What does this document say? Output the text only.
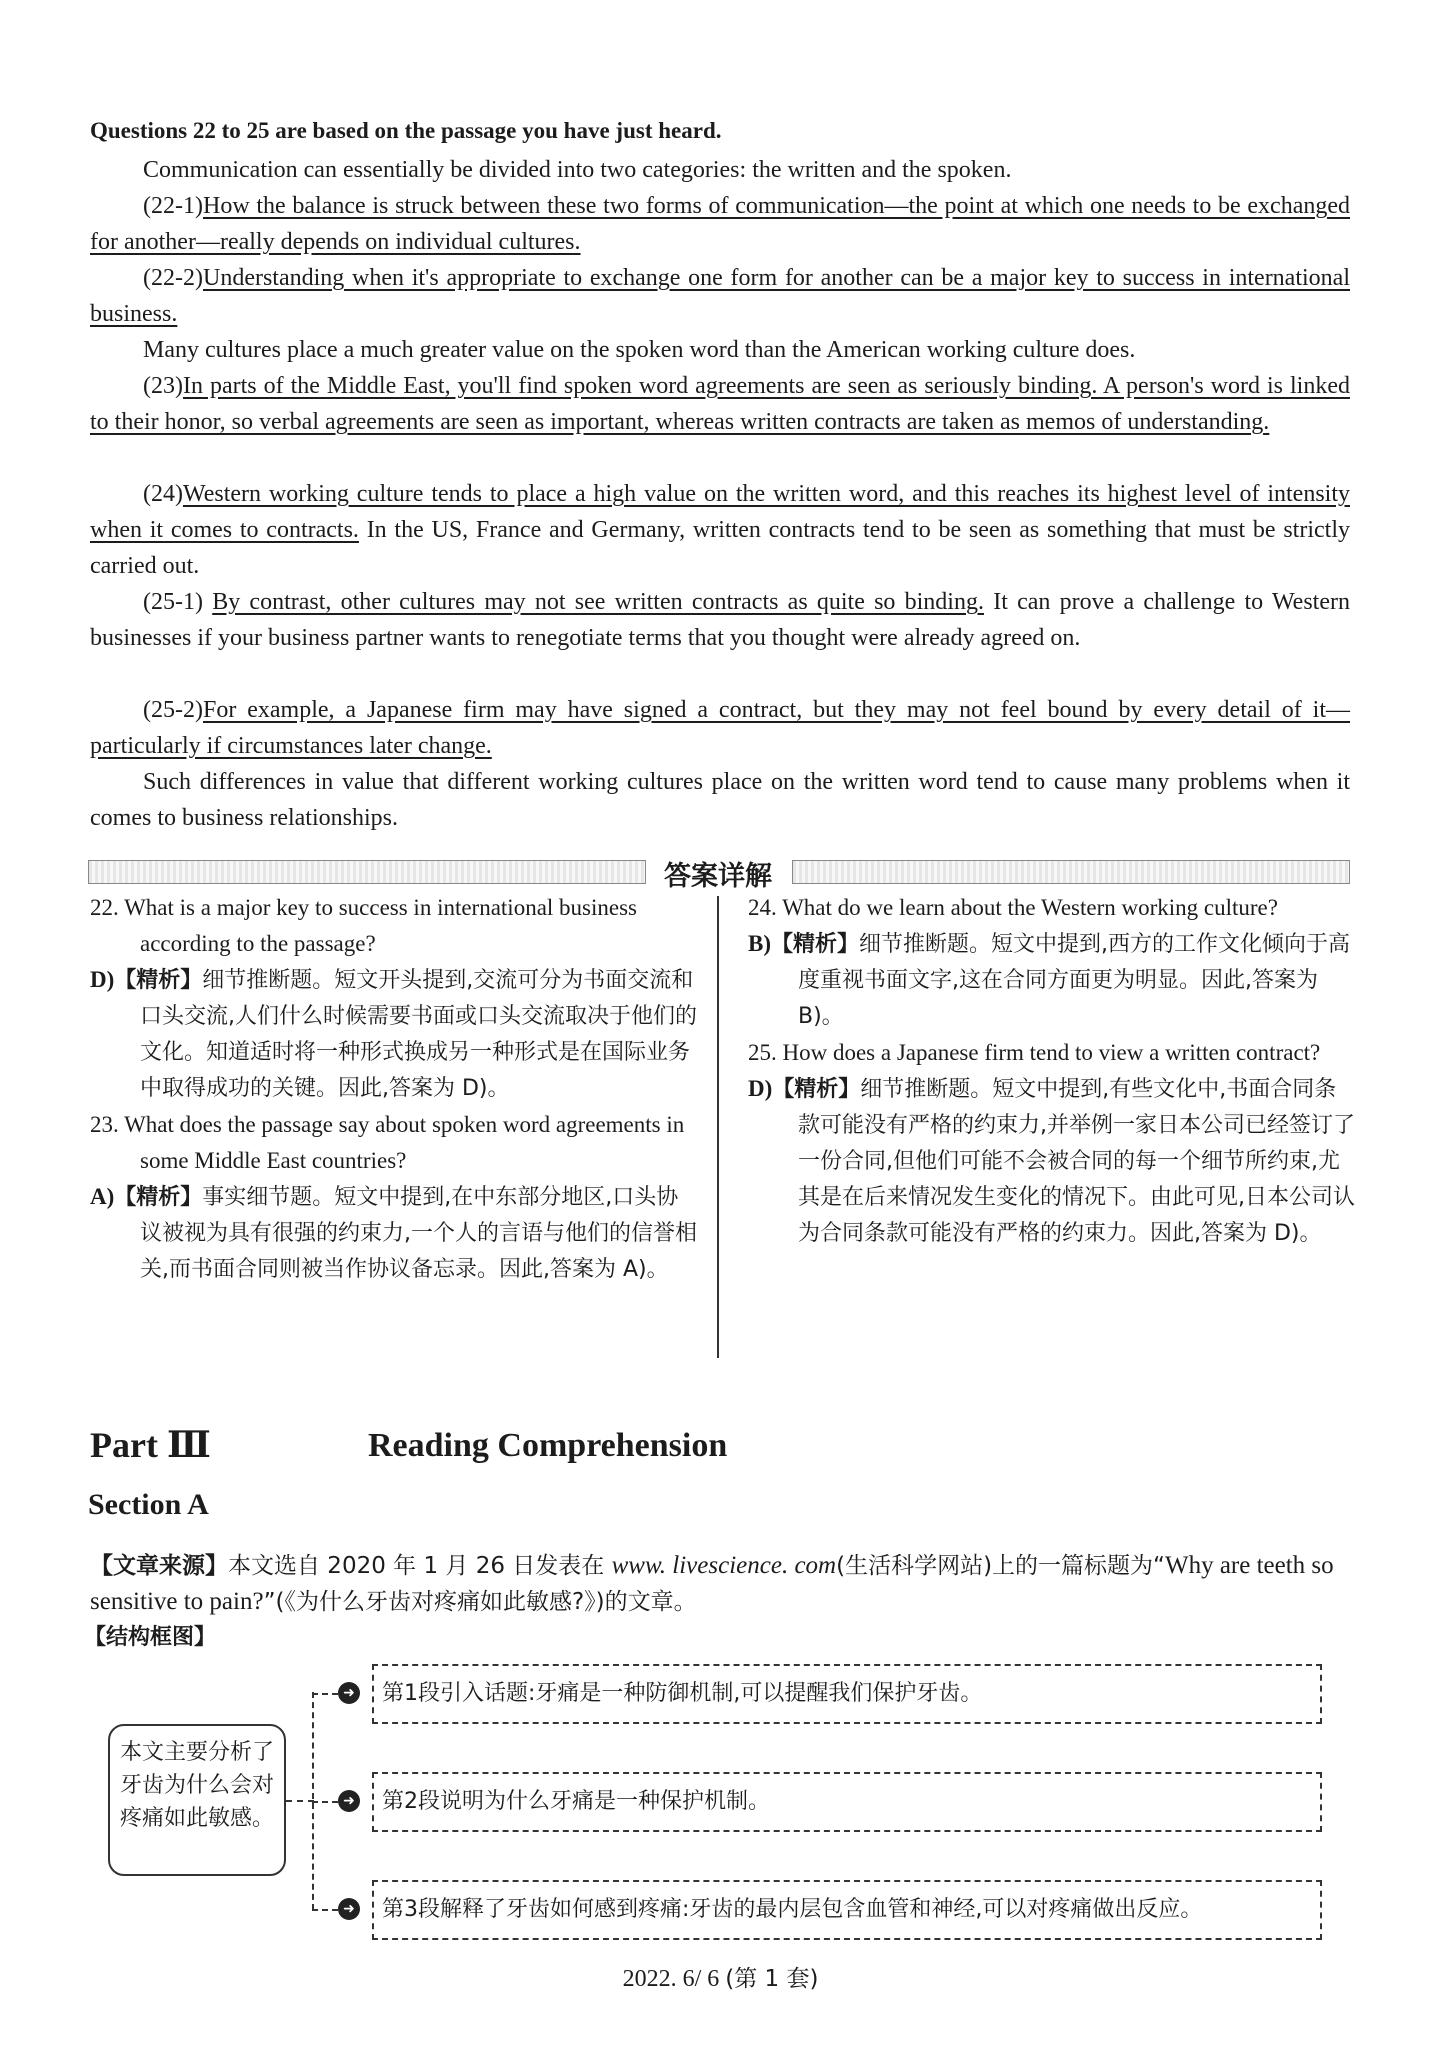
Questions 22 to 25 are based on the passage you have just heard.

Communication can essentially be divided into two categories: the written and the spoken.

(22-1)How the balance is struck between these two forms of communication—the point at which one needs to be exchanged for another—really depends on individual cultures.

(22-2)Understanding when it's appropriate to exchange one form for another can be a major key to success in international business.

Many cultures place a much greater value on the spoken word than the American working culture does.

(23)In parts of the Middle East, you'll find spoken word agreements are seen as seriously binding. A person's word is linked to their honor, so verbal agreements are seen as important, whereas written contracts are taken as memos of understanding.

(24)Western working culture tends to place a high value on the written word, and this reaches its highest level of intensity when it comes to contracts. In the US, France and Germany, written contracts tend to be seen as something that must be strictly carried out.

(25-1) By contrast, other cultures may not see written contracts as quite so binding. It can prove a challenge to Western businesses if your business partner wants to renegotiate terms that you thought were already agreed on.

(25-2)For example, a Japanese firm may have signed a contract, but they may not feel bound by every detail of it—particularly if circumstances later change.

Such differences in value that different working cultures place on the written word tend to cause many problems when it comes to business relationships.

答案详解

22. What is a major key to success in international business according to the passage?

D)【精析】细节推断题。短文开头提到,交流可分为书面交流和口头交流,人们什么时候需要书面或口头交流取决于他们的文化。知道适时将一种形式换成另一种形式是在国际业务中取得成功的关键。因此,答案为 D)。

23. What does the passage say about spoken word agreements in some Middle East countries?

A)【精析】事实细节题。短文中提到,在中东部分地区,口头协议被视为具有很强的约束力,一个人的言语与他们的信誉相关,而书面合同则被当作协议备忘录。因此,答案为 A)。

24. What do we learn about the Western working culture?

B)【精析】细节推断题。短文中提到,西方的工作文化倾向于高度重视书面文字,这在合同方面更为明显。因此,答案为 B)。

25. How does a Japanese firm tend to view a written contract?

D)【精析】细节推断题。短文中提到,有些文化中,书面合同条款可能没有严格的约束力,并举例一家日本公司已经签订了一份合同,但他们可能不会被合同的每一个细节所约束,尤其是在后来情况发生变化的情况下。由此可见,日本公司认为合同条款可能没有严格的约束力。因此,答案为 D)。

Part Ⅲ	Reading Comprehension
Section A

【文章来源】本文选自 2020 年 1 月 26 日发表在 www. livescience. com(生活科学网站)上的一篇标题为“Why are teeth so sensitive to pain?”(《为什么牙齿对疼痛如此敏感?》)的文章。

【结构框图】
本文主要分析了牙齿为什么会对疼痛如此敏感。
➜
➜
➜
第1段引入话题:牙痛是一种防御机制,可以提醒我们保护牙齿。
第2段说明为什么牙痛是一种保护机制。
第3段解释了牙齿如何感到疼痛:牙齿的最内层包含血管和神经,可以对疼痛做出反应。
2022. 6/ 6 (第 1 套)
